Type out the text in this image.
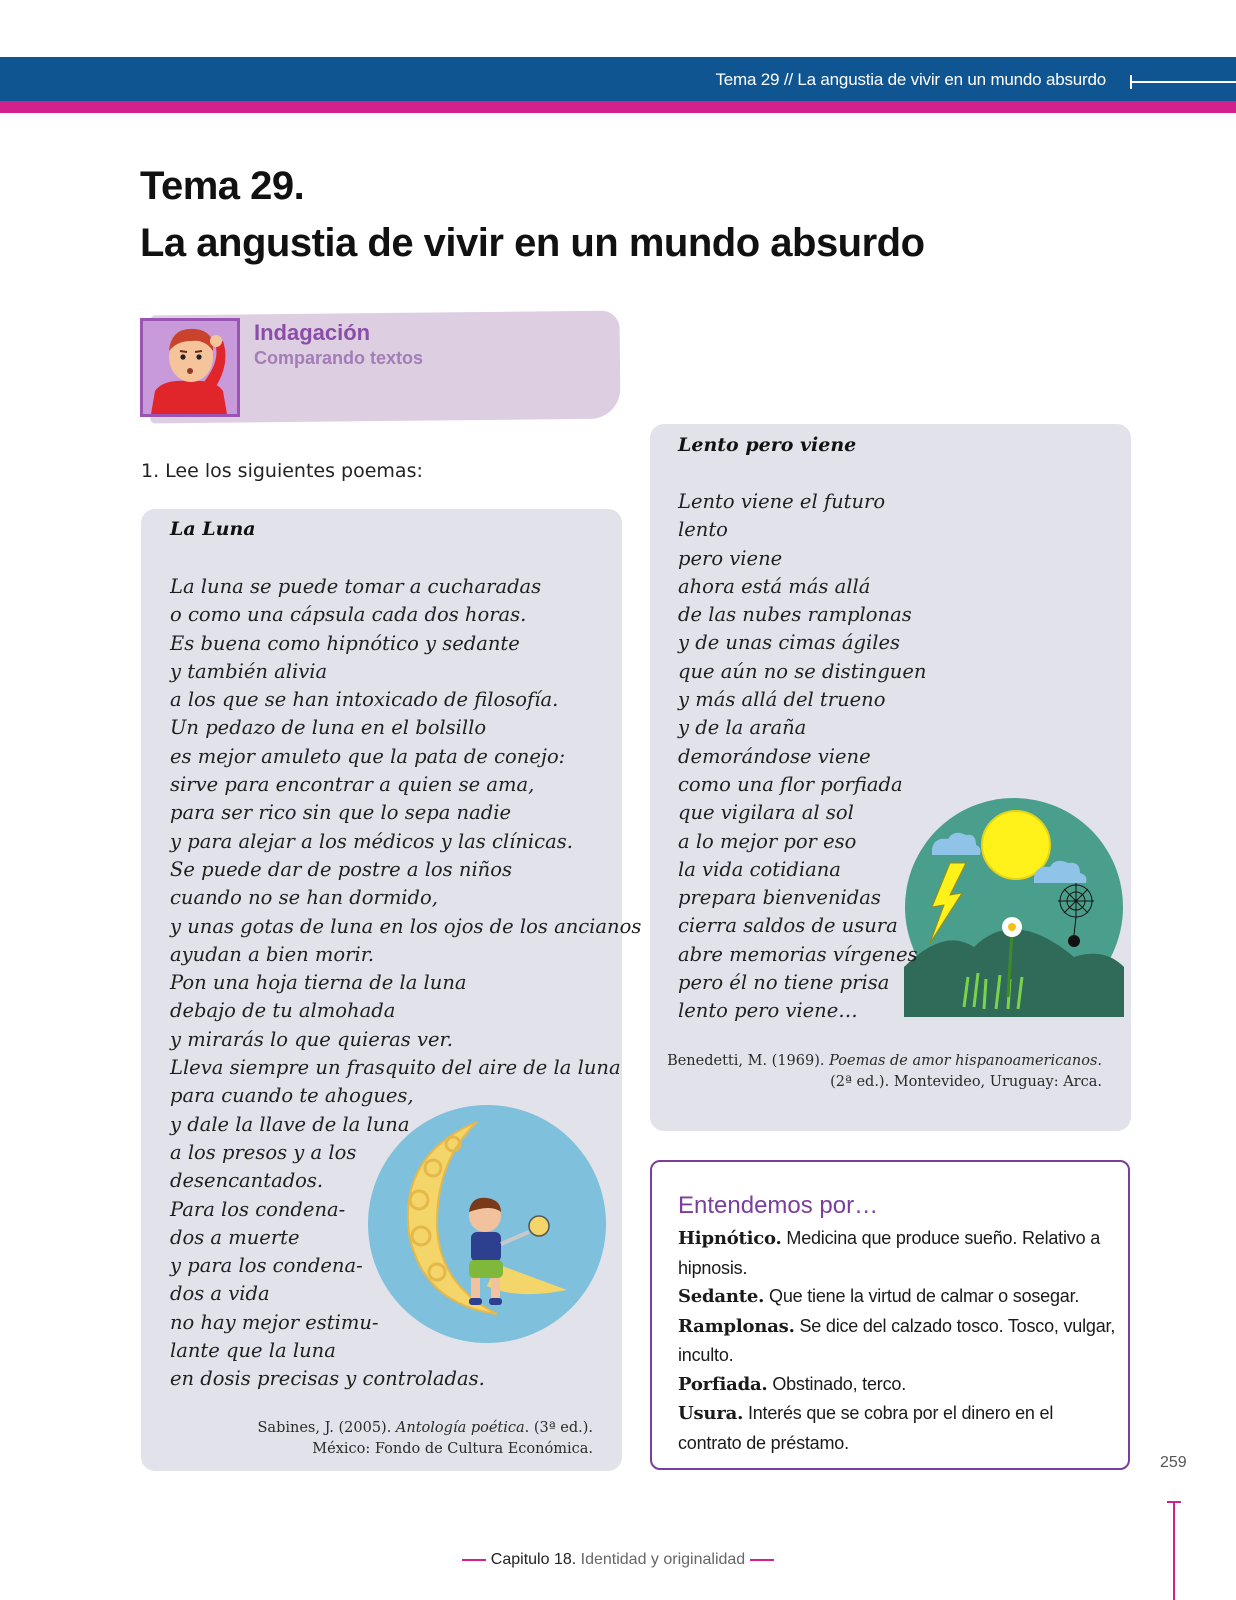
Tema 29 // La angustia de vivir en un mundo absurdo
Tema 29.
La angustia de vivir en un mundo absurdo
Indagación
Comparando textos
1. Lee los siguientes poemas:
La Luna
La luna se puede tomar a cucharadas
o como una cápsula cada dos horas.
Es buena como hipnótico y sedante
y también alivia
a los que se han intoxicado de filosofía.
Un pedazo de luna en el bolsillo
es mejor amuleto que la pata de conejo:
sirve para encontrar a quien se ama,
para ser rico sin que lo sepa nadie
y para alejar a los médicos y las clínicas.
Se puede dar de postre a los niños
cuando no se han dormido,
y unas gotas de luna en los ojos de los ancianos
ayudan a bien morir.
Pon una hoja tierna de la luna
debajo de tu almohada
y mirarás lo que quieras ver.
Lleva siempre un frasquito del aire de la luna
para cuando te ahogues,
y dale la llave de la luna
a los presos y a los
desencantados.
Para los condena-
dos a muerte
y para los condena-
dos a vida
no hay mejor estimu-
lante que la luna
en dosis precisas y controladas.
Sabines, J. (2005). Antología poética. (3ª ed.).
México: Fondo de Cultura Económica.
Lento pero viene
Lento viene el futuro
lento
pero viene
ahora está más allá
de las nubes ramplonas
y de unas cimas ágiles
que aún no se distinguen
y más allá del trueno
y de la araña
demorándose viene
como una flor porfiada
que vigilara al sol
a lo mejor por eso
la vida cotidiana
prepara bienvenidas
cierra saldos de usura
abre memorias vírgenes
pero él no tiene prisa
lento pero viene…
Benedetti, M. (1969). Poemas de amor hispanoamericanos.
(2ª ed.). Montevideo, Uruguay: Arca.
Entendemos por…
Hipnótico. Medicina que produce sueño. Relativo a hipnosis.
Sedante. Que tiene la virtud de calmar o sosegar.
Ramplonas. Se dice del calzado tosco. Tosco, vulgar, inculto.
Porfiada. Obstinado, terco.
Usura. Interés que se cobra por el dinero en el contrato de préstamo.
259
Capitulo 18. Identidad y originalidad
